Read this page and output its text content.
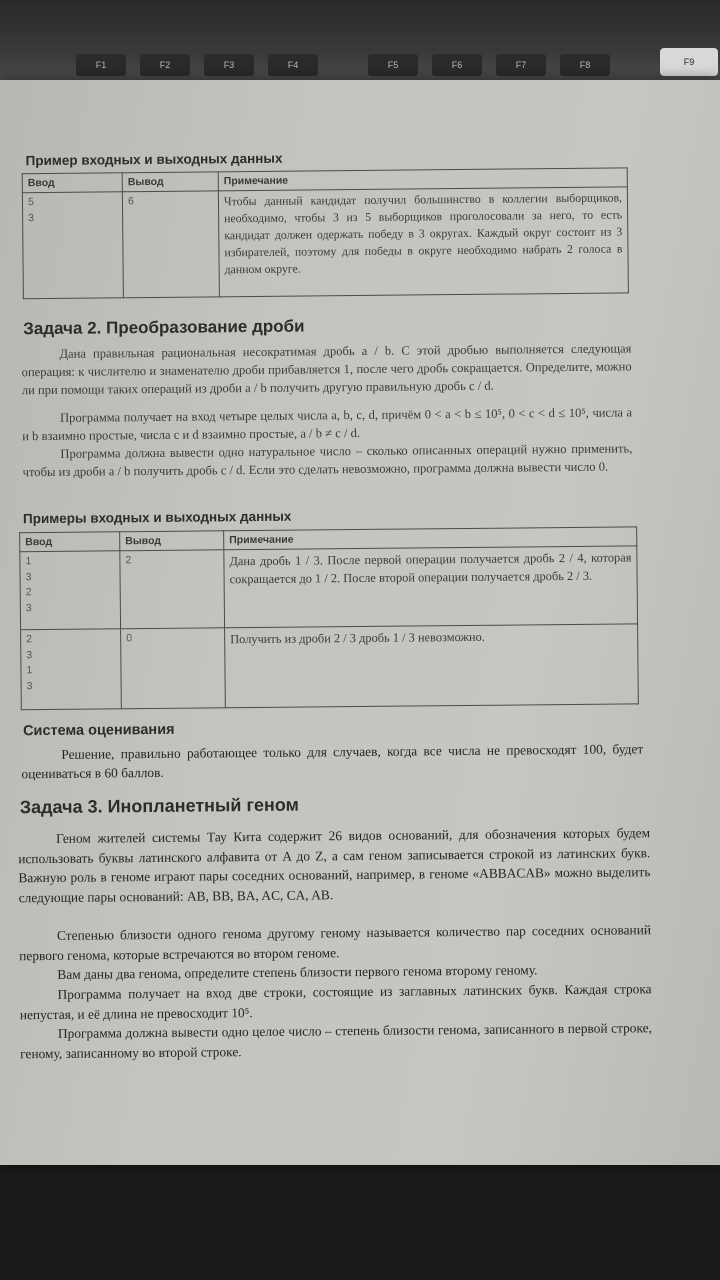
F1	F2	F3	F4	F5	F6	F7	F8	F9
Пример входных и выходных данных
Ввод	Вывод	Примечание

5
3	6	Чтобы данный кандидат получил большинство в коллегии выборщиков, необходимо, чтобы 3 из 5 выборщиков проголосовали за него, то есть кандидат должен одержать победу в 3 округах. Каждый округ состоит из 3 избирателей, поэтому для победы в округе необходимо набрать 2 голоса в данном округе.
Задача 2. Преобразование дроби

Дана правильная рациональная несократимая дробь a / b. С этой дробью выполняется следующая операция: к числителю и знаменателю дроби прибавляется 1, после чего дробь сокращается. Определите, можно ли при помощи таких операций из дроби a / b получить другую правильную дробь c / d.

Программа получает на вход четыре целых числа a, b, c, d, причём 0 < a < b ≤ 10⁵, 0 < c < d ≤ 10⁵, числа a и b взаимно простые, числа c и d взаимно простые, a / b ≠ c / d.

Программа должна вывести одно натуральное число – сколько описанных операций нужно применить, чтобы из дроби a / b получить дробь c / d. Если это сделать невозможно, программа должна вывести число 0.

Примеры входных и выходных данных
Ввод	Вывод	Примечание

1
3
2
3	2	Дана дробь 1 / 3. После первой операции получается дробь 2 / 4, которая сокращается до 1 / 2. После второй операции получается дробь 2 / 3.

2
3
1
3	0	Получить из дроби 2 / 3 дробь 1 / 3 невозможно.
Система оценивания

Решение, правильно работающее только для случаев, когда все числа не превосходят 100, будет оцениваться в 60 баллов.

Задача 3. Инопланетный геном

Геном жителей системы Тау Кита содержит 26 видов оснований, для обозначения которых будем использовать буквы латинского алфавита от A до Z, а сам геном записывается строкой из латинских букв. Важную роль в геноме играют пары соседних оснований, например, в геноме «ABBACAB» можно выделить следующие пары оснований: AB, BB, BA, AC, CA, AB.

Степенью близости одного генома другому геному называется количество пар соседних оснований первого генома, которые встречаются во втором геноме.

Вам даны два генома, определите степень близости первого генома второму геному.

Программа получает на вход две строки, состоящие из заглавных латинских букв. Каждая строка непустая, и её длина не превосходит 10⁵.

Программа должна вывести одно целое число – степень близости генома, записанного в первой строке, геному, записанному во второй строке.
